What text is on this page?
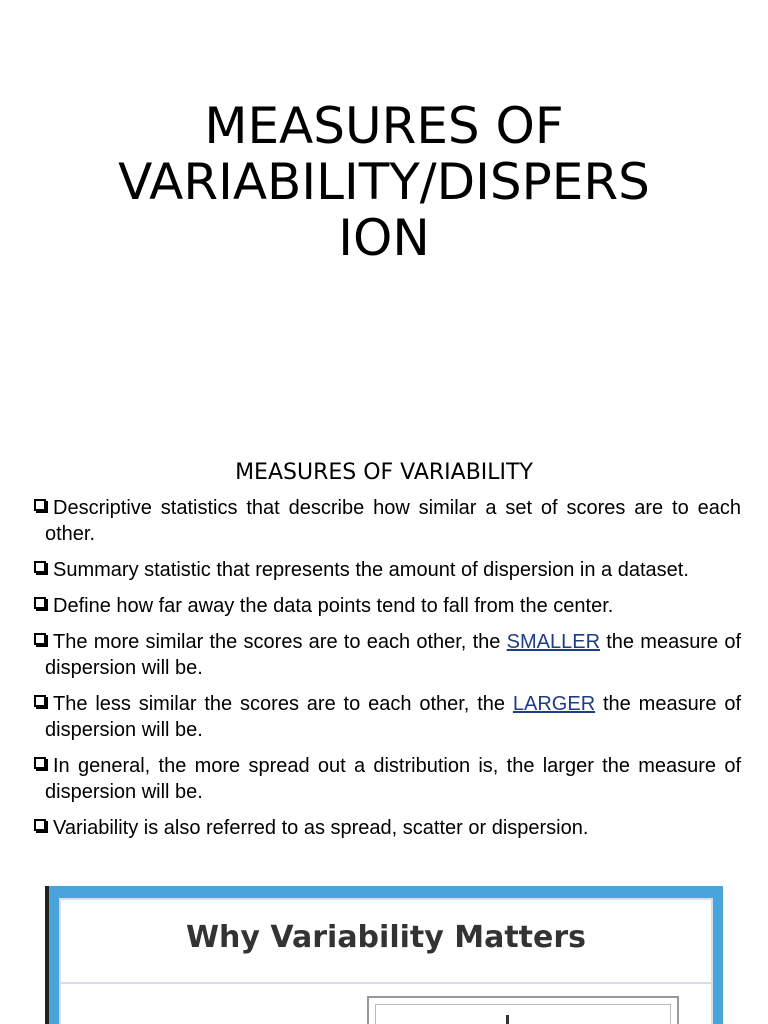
MEASURES OF
VARIABILITY/DISPERS
ION
MEASURES OF VARIABILITY
Descriptive statistics that describe how similar a set of scores are to each other.
Summary statistic that represents the amount of dispersion in a dataset.
Define how far away the data points tend to fall from the center.
The more similar the scores are to each other, the SMALLER the measure of dispersion will be.
The less similar the scores are to each other, the LARGER the measure of dispersion will be.
In general, the more spread out a distribution is, the larger the measure of dispersion will be.
Variability is also referred to as spread, scatter or dispersion.
Why Variability Matters
